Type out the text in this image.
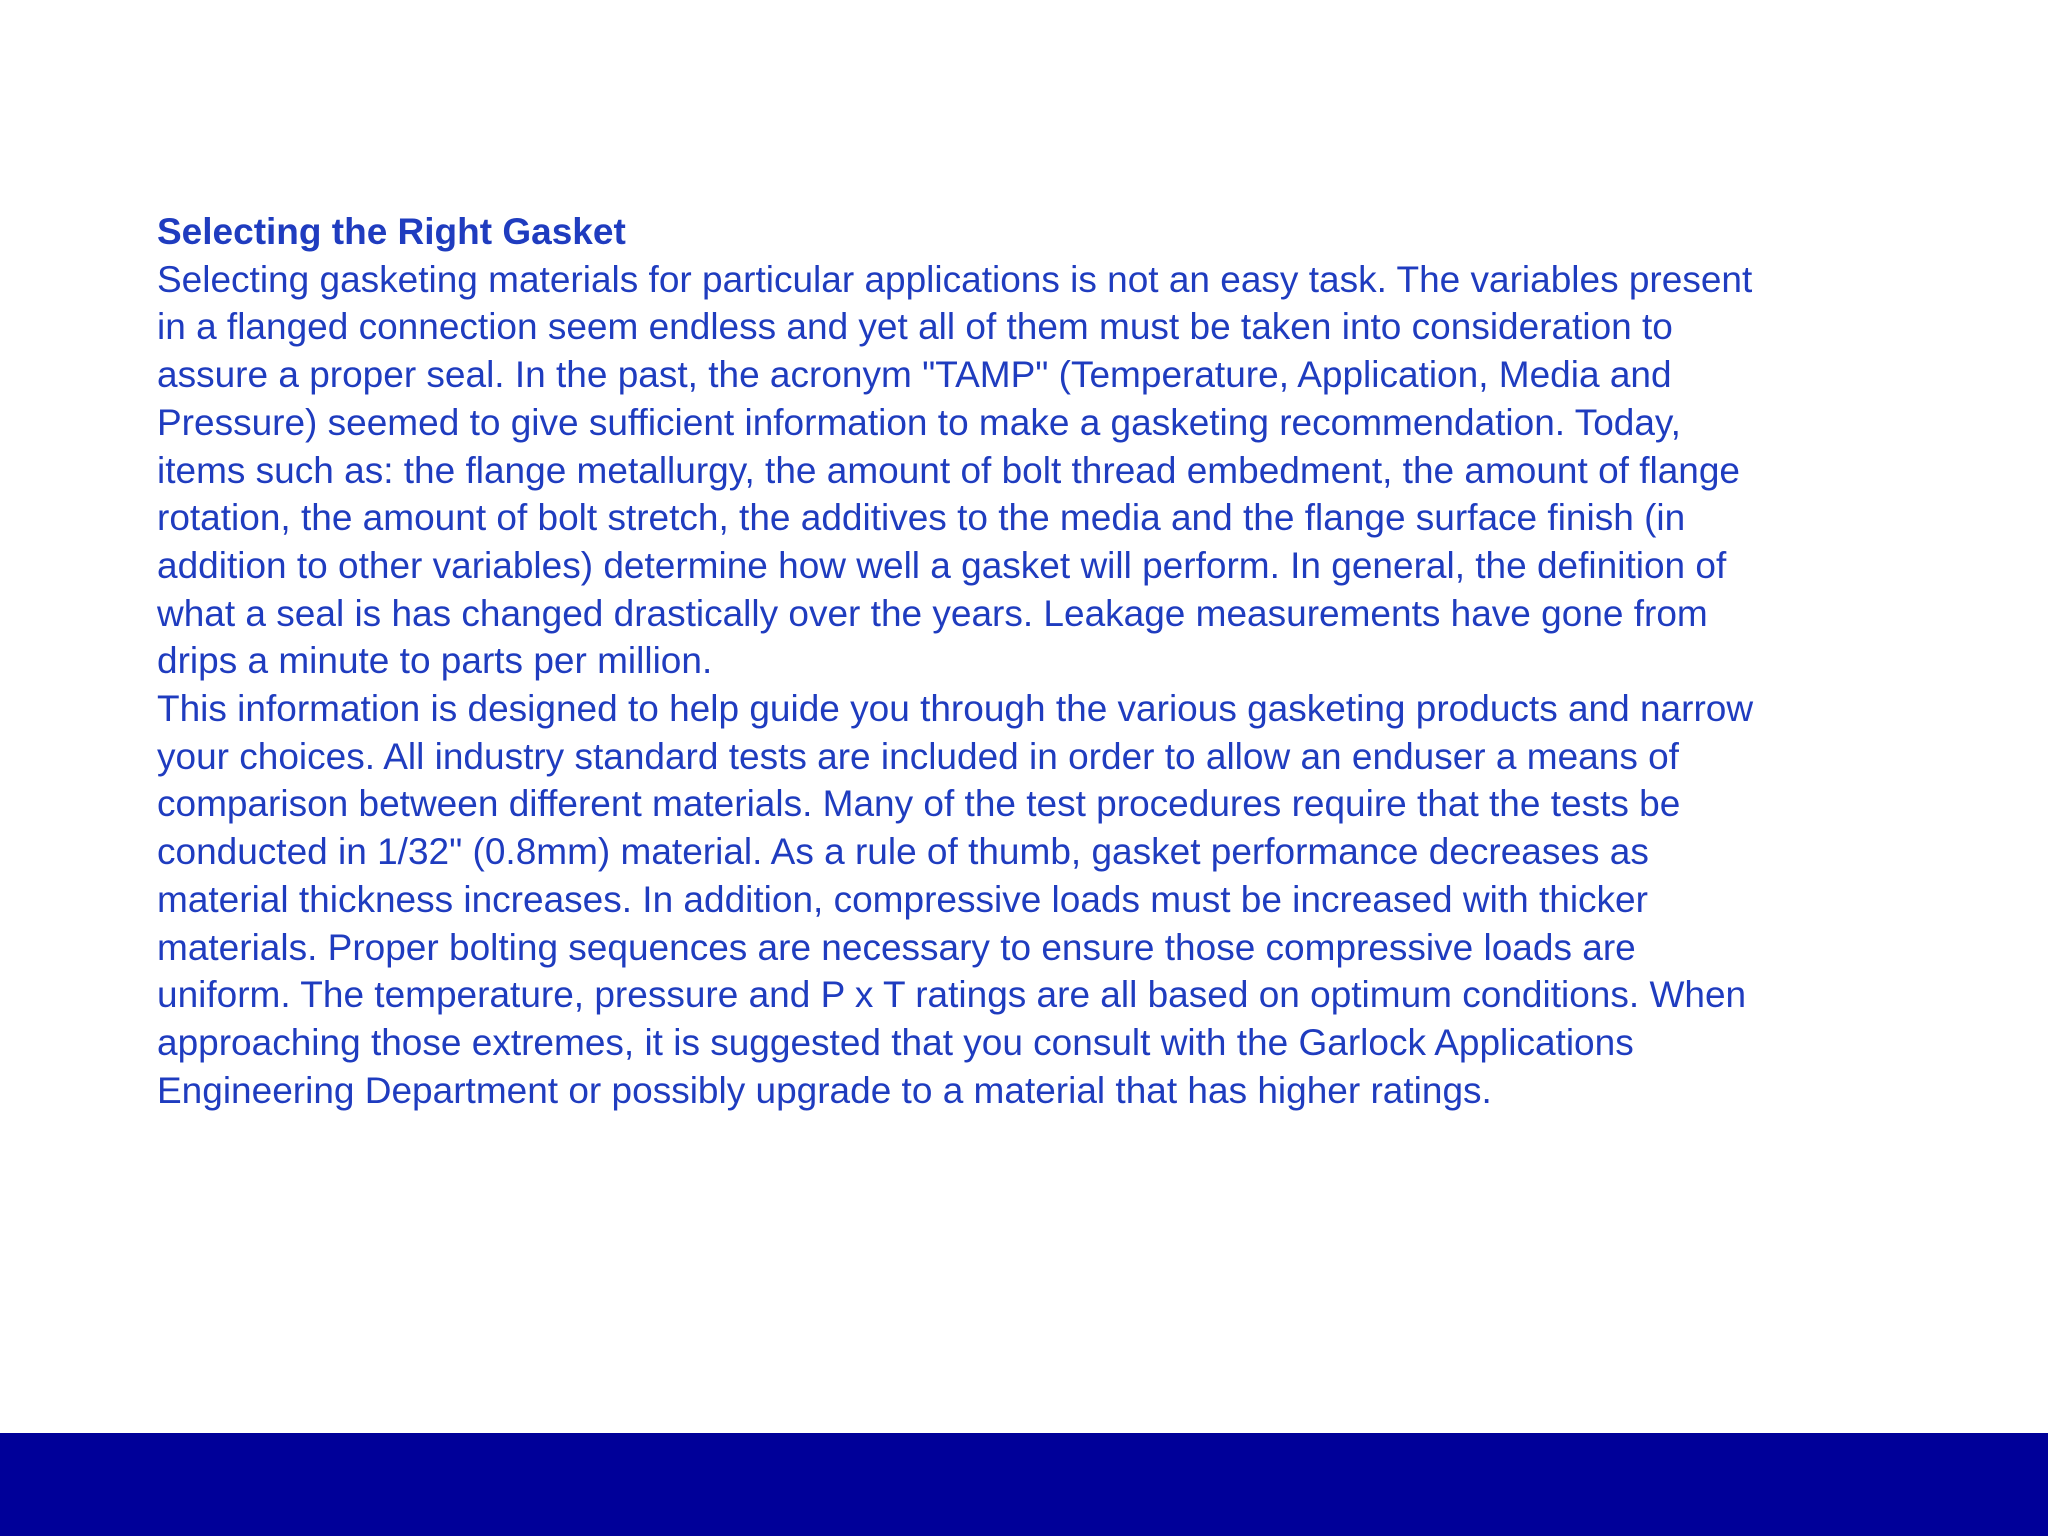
Selecting the Right Gasket

Selecting gasketing materials for particular applications is not an easy task. The variables present in a flanged connection seem endless and yet all of them must be taken into consideration to assure a proper seal. In the past, the acronym "TAMP" (Temperature, Application, Media and Pressure) seemed to give sufficient information to make a gasketing recommendation. Today, items such as: the flange metallurgy, the amount of bolt thread embedment, the amount of flange rotation, the amount of bolt stretch, the additives to the media and the flange surface finish (in addition to other variables) determine how well a gasket will perform. In general, the definition of what a seal is has changed drastically over the years. Leakage measurements have gone from drips a minute to parts per million.

This information is designed to help guide you through the various gasketing products and narrow your choices. All industry standard tests are included in order to allow an enduser a means of comparison between different materials. Many of the test procedures require that the tests be conducted in 1/32" (0.8mm) material. As a rule of thumb, gasket performance decreases as material thickness increases. In addition, compressive loads must be increased with thicker materials. Proper bolting sequences are necessary to ensure those compressive loads are uniform. The temperature, pressure and P x T ratings are all based on optimum conditions. When approaching those extremes, it is suggested that you consult with the Garlock Applications Engineering Department or possibly upgrade to a material that has higher ratings.
